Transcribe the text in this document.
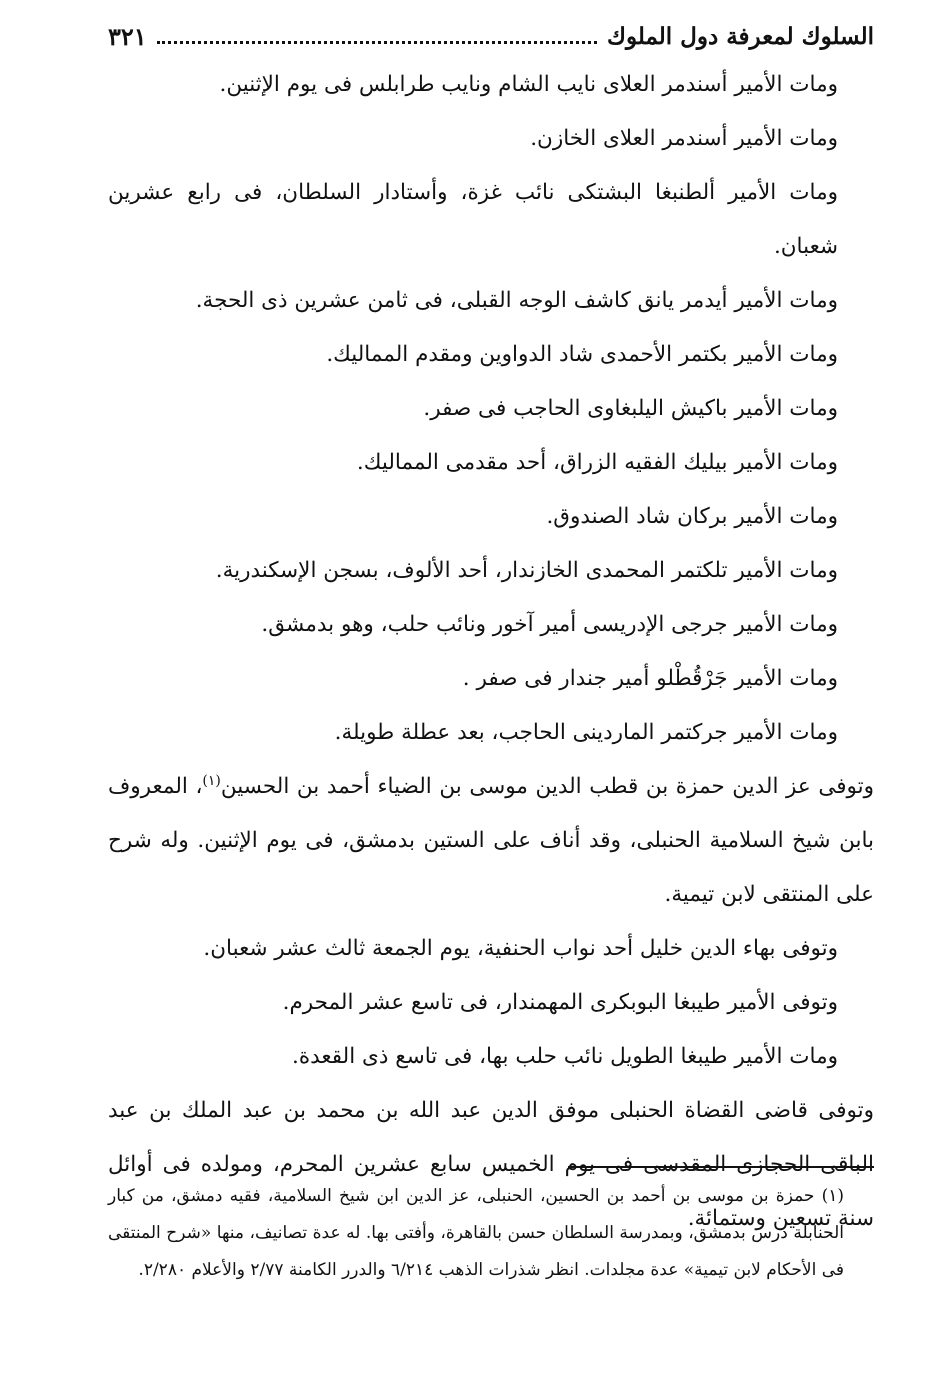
السلوك لمعرفة دول الملوك
٣٢١

ومات الأمير أسندمر العلاى نايب الشام ونايب طرابلس فى يوم الإثنين.

ومات الأمير أسندمر العلاى الخازن.

ومات الأمير ألطنبغا البشتكى نائب غزة، وأستادار السلطان، فى رابع عشرين شعبان.

ومات الأمير أيدمر يانق كاشف الوجه القبلى، فى ثامن عشرين ذى الحجة.

ومات الأمير بكتمر الأحمدى شاد الدواوين ومقدم المماليك.

ومات الأمير باكيش اليلبغاوى الحاجب فى صفر.

ومات الأمير بيليك الفقيه الزراق، أحد مقدمى المماليك.

ومات الأمير بركان شاد الصندوق.

ومات الأمير تلكتمر المحمدى الخازندار، أحد الألوف، بسجن الإسكندرية.

ومات الأمير جرجى الإدريسى أمير آخور ونائب حلب، وهو بدمشق.

ومات الأمير جَرْقُطْلو أمير جندار فى صفر .

ومات الأمير جركتمر الماردينى الحاجب، بعد عطلة طويلة.

وتوفى عز الدين حمزة بن قطب الدين موسى بن الضياء أحمد بن الحسين$^{(١)}$، المعروف بابن شيخ السلامية الحنبلى، وقد أناف على الستين بدمشق، فى يوم الإثنين. وله شرح على المنتقى لابن تيمية.

وتوفى بهاء الدين خليل أحد نواب الحنفية، يوم الجمعة ثالث عشر شعبان.

وتوفى الأمير طيبغا البوبكرى المهمندار، فى تاسع عشر المحرم.

ومات الأمير طيبغا الطويل نائب حلب بها، فى تاسع ذى القعدة.

وتوفى قاضى القضاة الحنبلى موفق الدين عبد الله بن محمد بن عبد الملك بن عبد الباقى الحجازى المقدسى فى يوم الخميس سابع عشرين المحرم، ومولده فى أوائل سنة تسعين وستمائة.

(١) حمزة بن موسى بن أحمد بن الحسين، الحنبلى، عز الدين ابن شيخ السلامية، فقيه دمشق، من كبار الحنابلة درس بدمشق، وبمدرسة السلطان حسن بالقاهرة، وأفتى بها. له عدة تصانيف، منها «شرح المنتقى فى الأحكام لابن تيمية» عدة مجلدات. انظر شذرات الذهب ٦/٢١٤ والدرر الكامنة ٢/٧٧ والأعلام ٢/٢٨٠.
